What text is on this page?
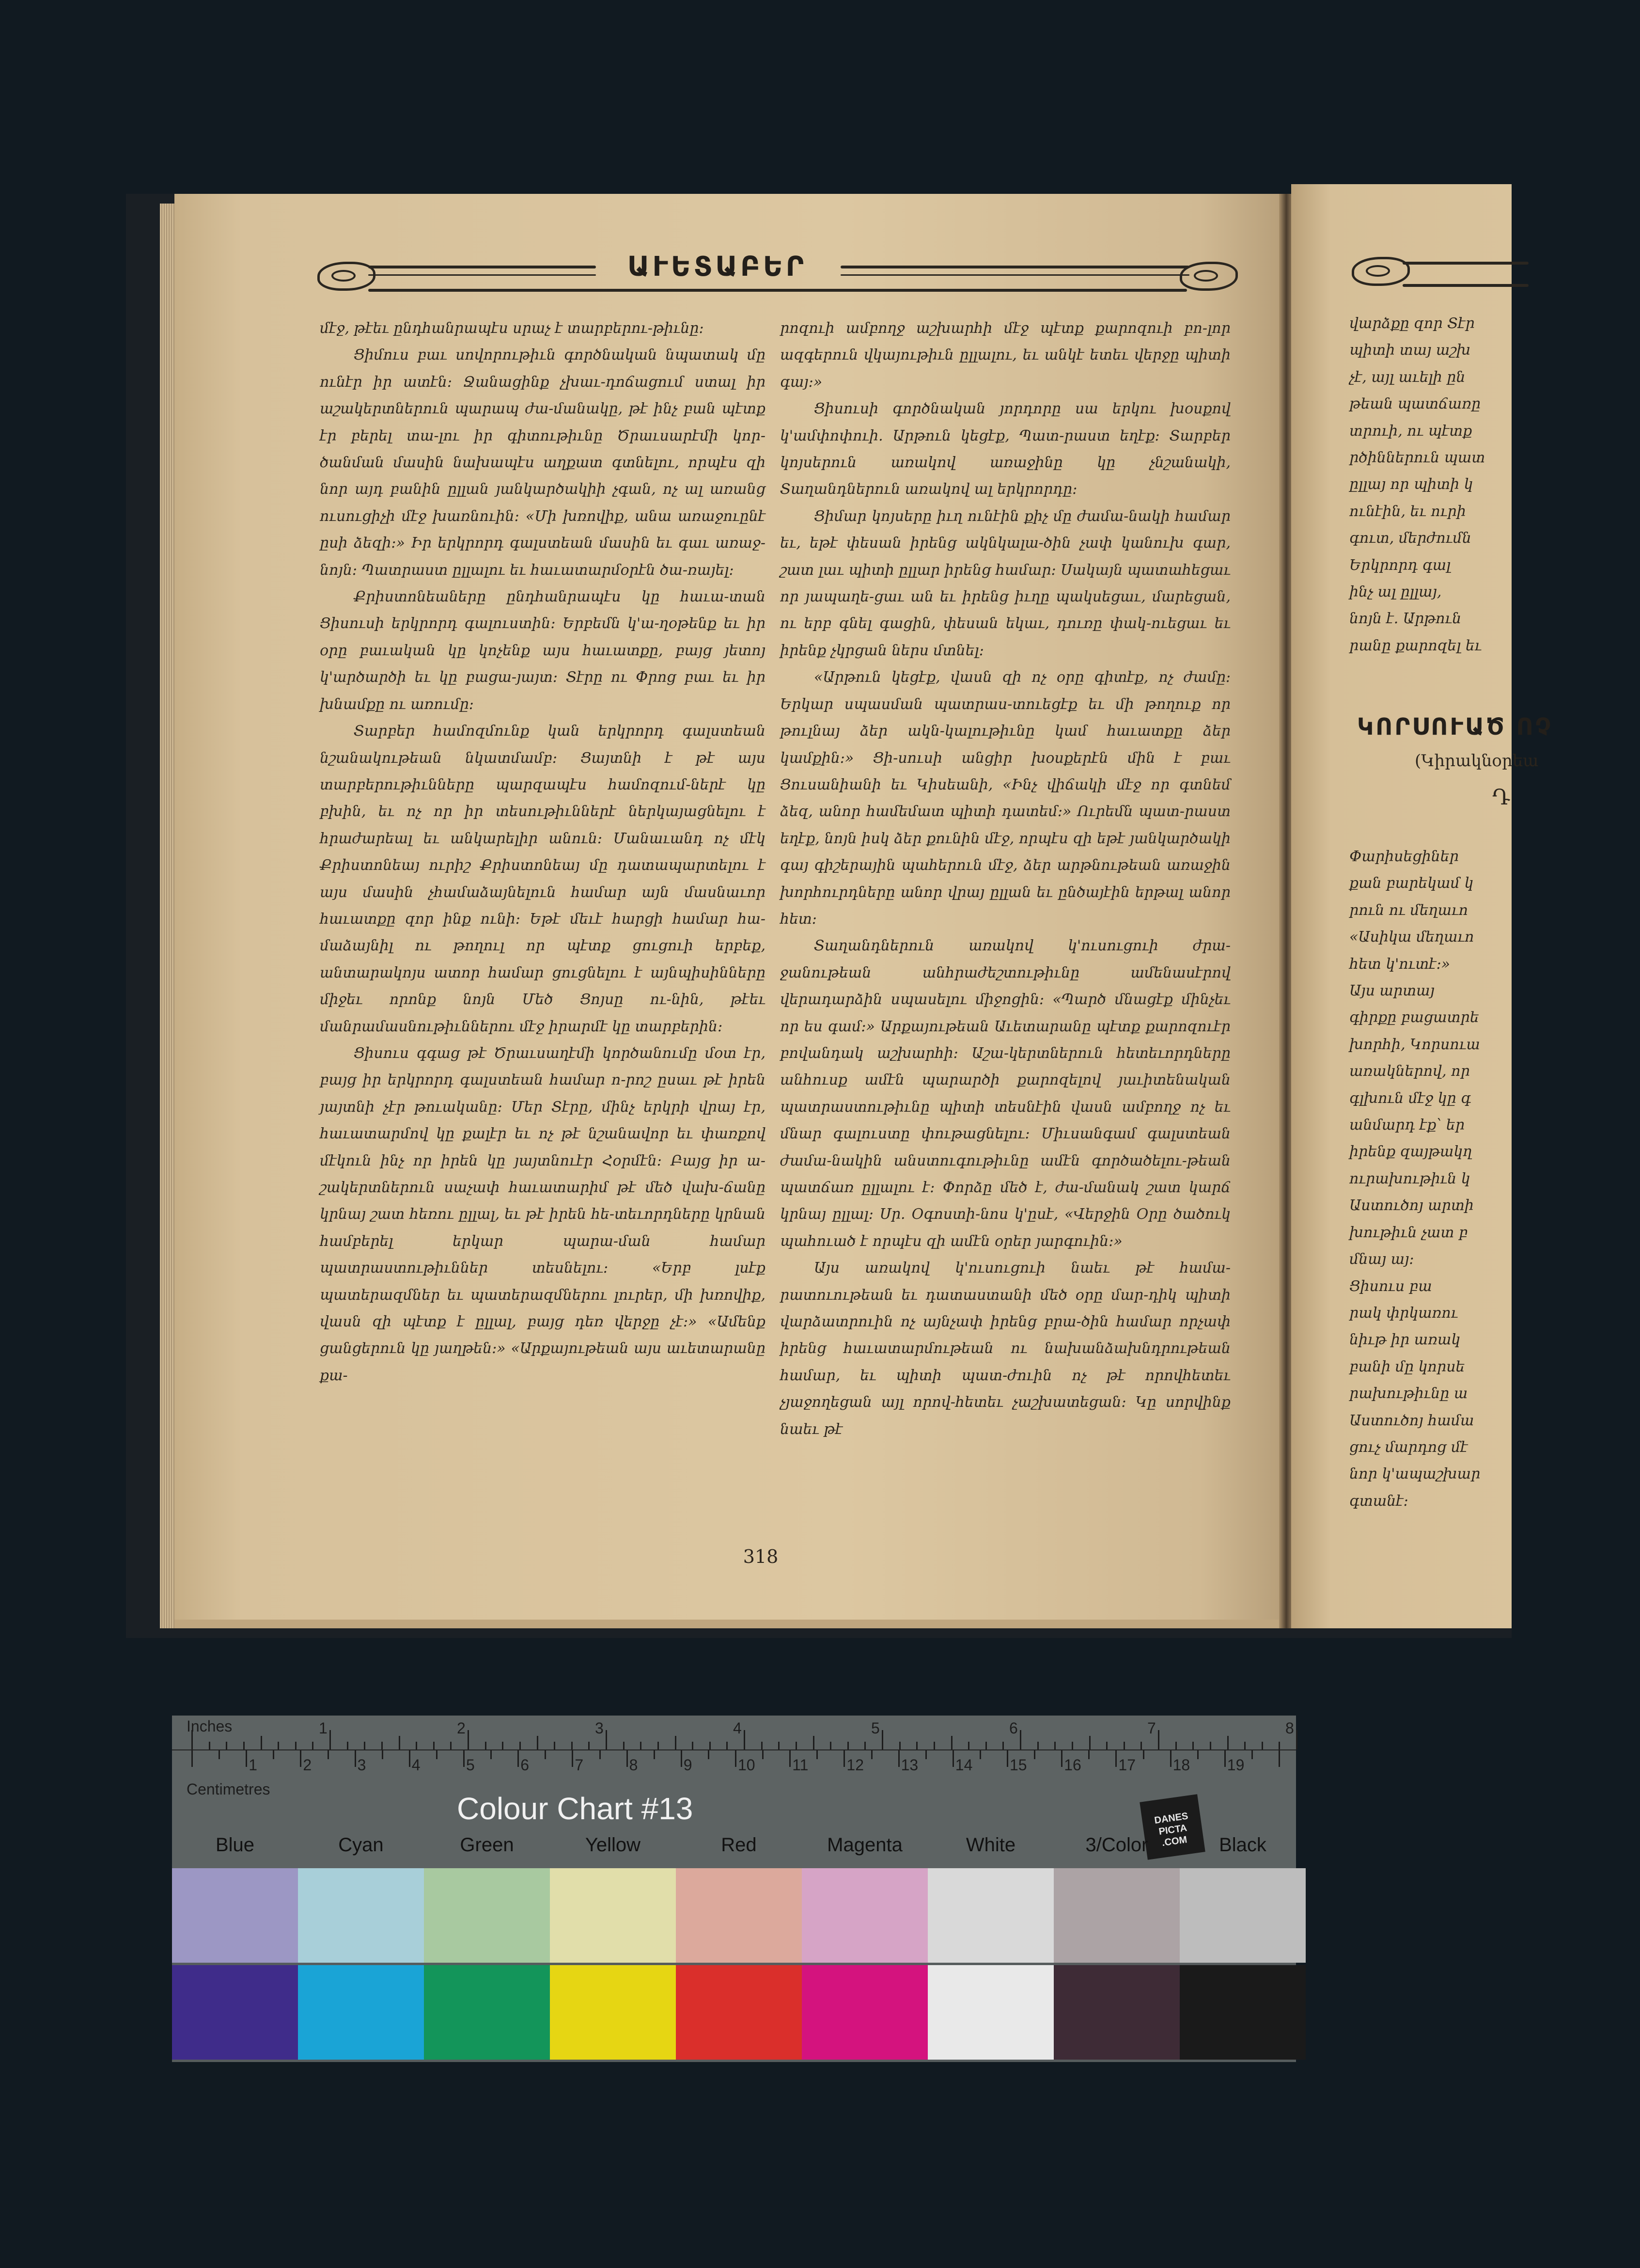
ԱՒԵՏԱԲԵՐ

մէջ, թէեւ ընդհանրապէս սրաչ է տարբերու-թիւնը:

Ցիմուս բաւ սովորութիւն գործնական նպատակ մը ունէր իր ատէն: Ջանացինք չխաւ-դոճացում ստալ իր աշակերտներուն պարապ ժա-մանակը, թէ ինչ բան պէտք էր բերել տա-լու իր գիտութիւնը Ծրաւսարէմի կոր-ծանման մասին նախապէս աղքատ գտնելու, որպէս զի նոր այդ բանին ըլլան յանկարծակիի չգան, ոչ ալ առանց ուսուցիչի մէջ խառնուին: «Մի խռովիք, անա առաջուընէ ըսի ձեզի:» Իր երկրորդ գալստեան մասին եւ գաւ առաջ-նոյն: Պատրաստ ըլլալու եւ հաւատարմօրէն ծա-ռայել:

Քրիստոնեաները ընդհանրապէս կը հաւա-տան Ցիսուսի երկրորդ գալուստին: Երբեմն կ'ա-ղօթենք եւ իր օրը բաւական կը կոչենք այս հաւատքը, բայց յետոյ կ'արծարծի եւ կը բացա-յայտ: Տէրը ու Փրոց բաւ եւ իր խնամքը ու առումը:

Տարբեր համոզմունք կան երկրորդ գալստեան նշանակութեան նկատմամբ: Ցայտնի է թէ այս տարբերութիւնները պարզապէս համոզում-ներէ կը բխին, եւ ոչ որ իր տեսութիւններէ ներկայացնելու է հրաժարեալ եւ անկարելիր անուն: Մանաւանդ ոչ մէկ Քրիստոնեայ ուրիշ Քրիստոնեայ մը դատապարտելու է այս մասին չհամաձայնելուն համար այն մասնաւոր հաւատքը զոր ինք ունի: Եթէ մեւէ հարցի համար հա-մաձայնիլ ու թողուլ որ պէտք ցուցուի երբեք, անտարակոյս ատոր համար ցուցնելու է այնպիսինները միջեւ որոնք նոյն Մեծ Ցոյսը ու-նին, թէեւ մանրամասնութիւններու մէջ իրարմէ կը տարբերին:

Ցիսուս գգաց թէ Ծրաւսաղէմի կործանումը մօտ էր, բայց իր երկրորդ գալստեան համար ո-րոշ ըսաւ թէ իրեն յայտնի չէր թուականը: Մեր Տէրը, մինչ երկրի վրայ էր, հաւատարմով կը քալէր եւ ոչ թէ նշանավոր եւ փառքով մէկուն ինչ որ իրեն կը յայտնուէր Հօրմէն: Բայց իր ա-շակերտներուն սաչափ հաւատարիմ թէ մեծ վախ-ճանը կրնայ շատ հեռու ըլլալ, եւ թէ իրեն հե-տեւորդները կրնան համբերել երկար պարա-ման համար պատրաստութիւններ տեսնելու: «Երբ լսէք պատերազմներ եւ պատերազմներու լուրեր, մի խռովիք, վասն զի պէտք է ըլլալ, բայց դեռ վերջը չէ:» «Ամենք ցանցերուն կը յաղթեն:» «Արքայութեան այս աւետարանը քա-

րոզուի ամբողջ աշխարհի մէջ պէտք քարոզուի բո-լոր ազգերուն վկայութիւն ըլլալու, եւ անկէ ետեւ վերջը պիտի գայ:»

Ցիսուսի գործնական յորդորը սա երկու խօսքով կ'ամփոփուի. Արթուն կեցէք, Պատ-րաստ եղէք: Տարբեր կոյսերուն առակով առաջինը կը չնշանակի, Տաղանդներուն առակով ալ երկրորդը:

Ցիմար կոյսերը իւղ ունէին քիչ մը ժամա-նակի համար եւ, եթէ փեսան իրենց ակնկալա-ծին չափ կանուխ գար, շատ լաւ պիտի ըլլար իրենց համար: Սակայն պատահեցաւ որ յապաղե-ցաւ ան եւ իրենց իւղը պակսեցաւ, մարեցան, ու երբ գնել գացին, փեսան եկաւ, դուռը փակ-ուեցաւ եւ իրենք չկրցան ներս մտնել:

«Արթուն կեցէք, վասն զի ոչ օրը գիտէք, ոչ ժամը: Երկար սպասման պատրաս-տուեցէք եւ մի թողուք որ թուլնայ ձեր ակն-կալութիւնը կամ հաւատքը ձեր կամքին:» Ցի-սուսի անցիր խօսքերէն մին է բաւ Ցուսանիանի եւ Կիսեանի, «Ինչ վիճակի մէջ որ գտնեմ ձեզ, անոր համեմատ պիտի դատեմ:» Ուրեմն պատ-րաստ եղէք, նոյն իսկ ձեր քունին մէջ, որպէս զի եթէ յանկարծակի գայ գիշերային պահերուն մէջ, ձեր արթնութեան առաջին խորհուրդները անոր վրայ ըլլան եւ ընծայէին երթալ անոր հետ:

Տաղանդներուն առակով կ'ուսուցուի ժրա-ջանութեան անհրաժեշտութիւնը ամենասէրով վերադարձին սպասելու միջոցին: «Պարծ մնացէք մինչեւ որ ես գամ:» Արքայութեան Աւետարանը պէտք քարոզուէր բովանդակ աշխարհի: Աշա-կերտներուն հետեւորդները անհուսք ամէն պարարծի քարոզելով յաւիտենական պատրաստութիւնը պիտի տեսնէին վասն ամբողջ ոչ եւ մնար գալուստը փութացնելու: Միւսանգամ գալստեան ժամա-նակին անստուգութիւնը ամէն գործածելու-թեան պատճառ ըլլալու է: Փորձը մեծ է, ժա-մանակ շատ կարճ կրնայ ըլլալ: Սր. Օգոստի-նոս կ'ըսէ, «Վերջին Օրը ծածուկ պահուած է որպէս զի ամէն օրեր յարգուին:»

Այս առակով կ'ուսուցուի նաեւ թէ համա-րատուութեան եւ դատաստանի մեծ օրը մար-դիկ պիտի վարձատրուին ոչ այնչափ իրենց բրա-ծին համար որչափ իրենց հաւատարմութեան ու նախանձախնդրութեան համար, եւ պիտի պատ-ժուին ոչ թէ որովհետեւ չյաջողեցան այլ որով-հետեւ չաշխատեցան: Կը սորվինք նաեւ թէ

318

վարձքը զոր Տէր

պիտի տայ աշխ

չէ, այլ աւելի ըն

թեան պատճառը

տրուի, ու պէտք

րծիններուն պատ

ըլլայ որ պիտի կ

ունէին, եւ ուրի

գուտ, մերժումն

Երկրորդ գալ

ինչ ալ ըլլայ,

նոյն է. Արթուն

րանը քարոզել եւ

ԿՈՐՍՈՒԱԾ ՈՉ
(Կիրակնօրեա
Դ

Փարիսեցիներ

քան բարեկամ կ

րուն ու մեղաւո

«Ասիկա մեղաւո

հետ կ'ուտէ:»

Այս արտայ

գիրքը բացատրե

խորհի, Կորսուա

առակներով, որ

գլխուն մէջ կը գ

անմարդ էք՝ եր

իրենք զայթակղ

ուրախութիւն կ

Աստուծոյ արտի

խութիւն չատ բ

մնայ այ:

Ցիսուս բա

րակ փրկառու

նիւթ իր առակ

բանի մը կորսե

րախութիւնը ա

Աստուծոյ համա

ցուչ մարդոց մէ

նոր կ'ապաշխար

գտանէ:

1	2	3	4	5	6	7	8
1	2	3	4	5	6	7	8	9	10 11 12 13 14 15 16 17 18 19
Inches
Centimetres
Colour Chart #13	DANES
PICTA
.COM
Blue	Cyan	Green	Yellow	Red	Magenta	White	3/Color	Black
